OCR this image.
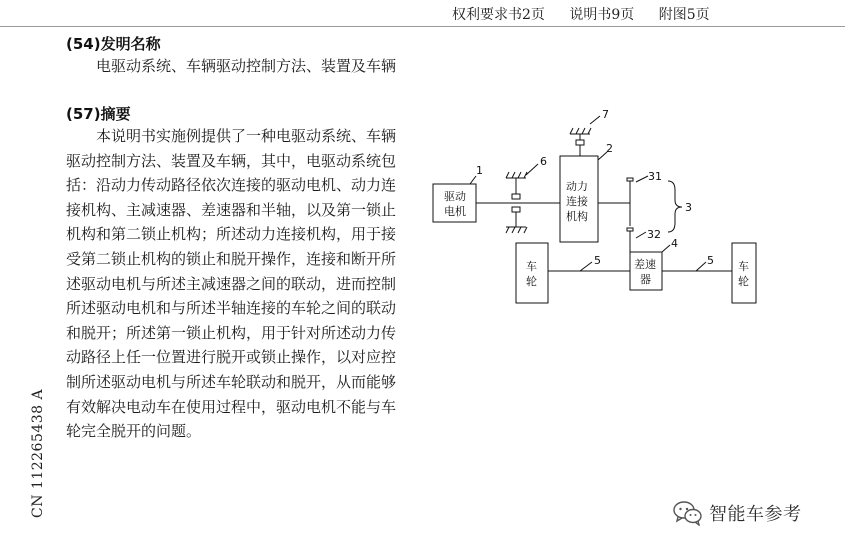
权利要求书2页 说明书9页 附图5页
(54)发明名称
电驱动系统、车辆驱动控制方法、装置及车辆
(57)摘要
本说明书实施例提供了一种电驱动系统、车辆驱动控制方法、装置及车辆，其中，电驱动系统包括：沿动力传动路径依次连接的驱动电机、动力连接机构、主减速器、差速器和半轴，以及第一锁止机构和第二锁止机构；所述动力连接机构，用于接受第二锁止机构的锁止和脱开操作，连接和断开所述驱动电机与所述主减速器之间的联动，进而控制所述驱动电机和与所述半轴连接的车轮之间的联动和脱开；所述第一锁止机构，用于针对所述动力传动路径上任一位置进行脱开或锁止操作，以对应控制所述驱动电机与所述车轮联动和脱开，从而能够有效解决电动车在使用过程中，驱动电机不能与车轮完全脱开的问题。
CN 112265438 A
驱动
电机
动力
连接
机构
差速
器
车
轮
车
轮
1
2
7
6
31
32
3
4
5	5
智能车参考
